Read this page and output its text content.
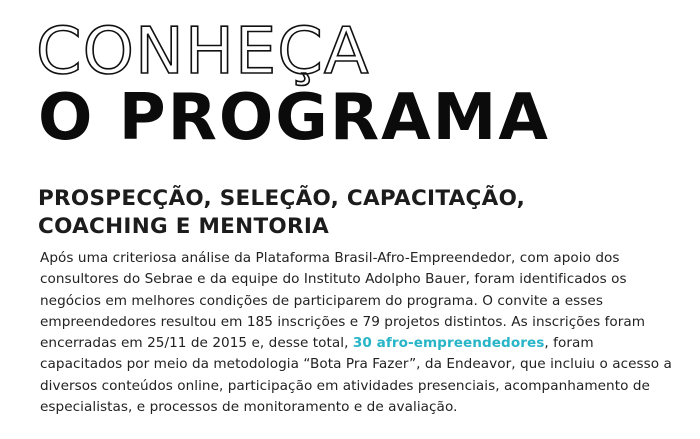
CONHEÇA
O PROGRAMA
PROSPECÇÃO, SELEÇÃO, CAPACITAÇÃO,
COACHING E MENTORIA

Após uma criteriosa análise da Plataforma Brasil-Afro-Empreendedor, com apoio dos consultores do Sebrae e da equipe do Instituto Adolpho Bauer, foram identificados os negócios em melhores condições de participarem do programa. O convite a esses empreendedores resultou em 185 inscrições e 79 projetos distintos. As inscrições foram encerradas em 25/11 de 2015 e, desse total, 30 afro-empreendedores, foram capacitados por meio da metodologia “Bota Pra Fazer”, da Endeavor, que incluiu o acesso a diversos conteúdos online, participação em atividades presenciais, acompanhamento de especialistas, e processos de monitoramento e de avaliação.
